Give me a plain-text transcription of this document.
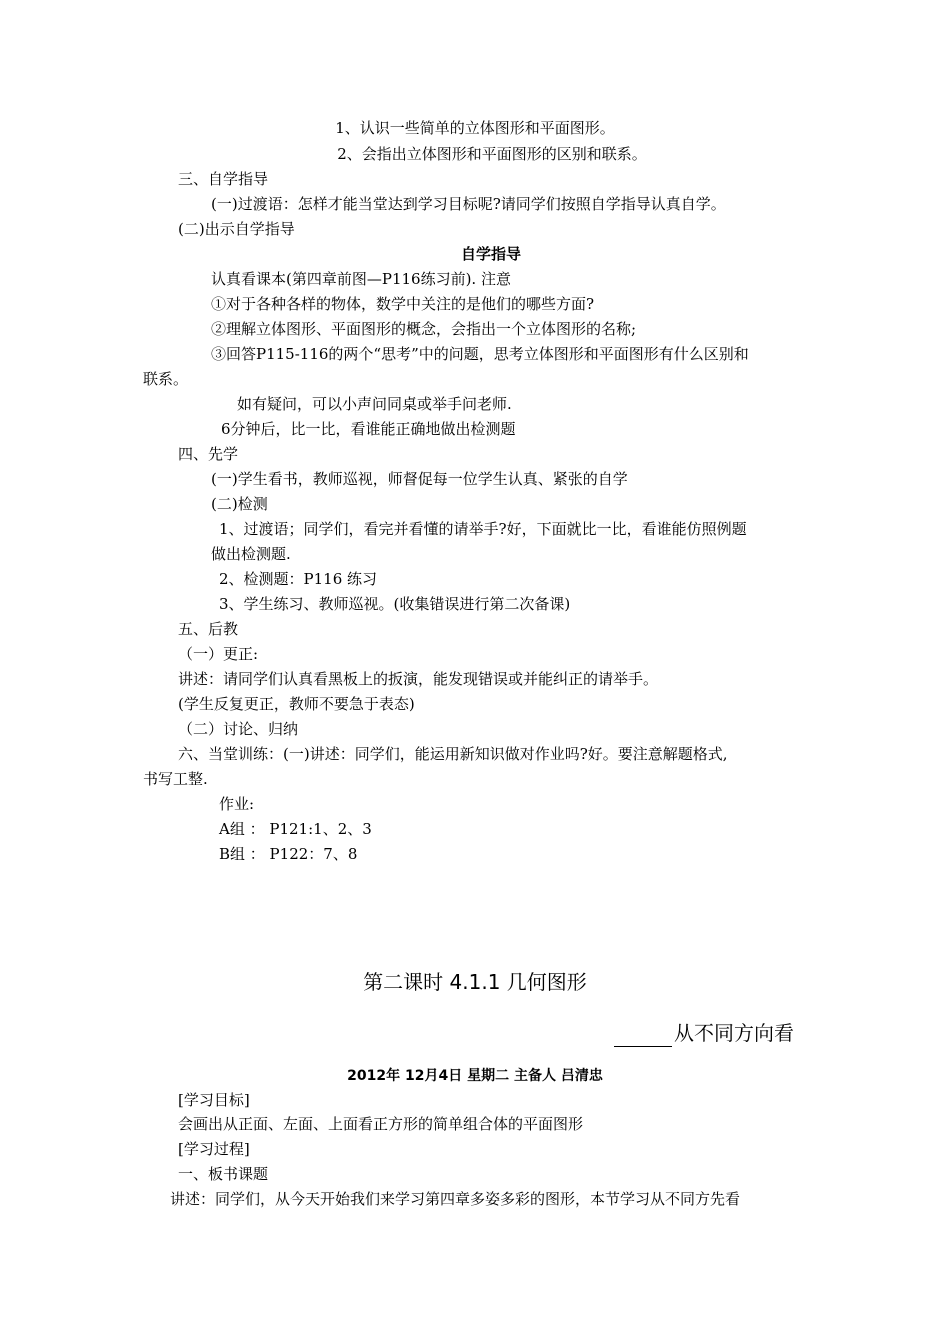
1、认识一些简单的立体图形和平面图形。
2、会指出立体图形和平面图形的区别和联系。
三、自学指导
(一)过渡语：怎样才能当堂达到学习目标呢?请同学们按照自学指导认真自学。
(二)出示自学指导
自学指导
认真看课本(第四章前图—P116练习前). 注意
①对于各种各样的物体，数学中关注的是他们的哪些方面?
②理解立体图形、平面图形的概念，会指出一个立体图形的名称;
③回答P115-116的两个“思考”中的问题，思考立体图形和平面图形有什么区别和
联系。
如有疑问，可以小声问同桌或举手问老师.
6分钟后，比一比，看谁能正确地做出检测题
四、先学
(一)学生看书，教师巡视，师督促每一位学生认真、紧张的自学
(二)检测
1、过渡语；同学们，看完并看懂的请举手?好，下面就比一比，看谁能仿照例题
做出检测题.
2、检测题：P116 练习
3、学生练习、教师巡视。(收集错误进行第二次备课)
五、后教
（一）更正:
讲述：请同学们认真看黑板上的扳演，能发现错误或并能纠正的请举手。
(学生反复更正，教师不要急于表态)
（二）讨论、归纳
六、当堂训练：(一)讲述：同学们，能运用新知识做对作业吗?好。要注意解题格式,
书写工整.
作业:
A组 ： P121:1、2、3
B组 ： P122：7、8
第二课时 4.1.1 几何图形
从不同方向看
2012年 12月4日 星期二 主备人 吕清忠
[学习目标]
会画出从正面、左面、上面看正方形的简单组合体的平面图形
[学习过程]
一、板书课题
讲述：同学们，从今天开始我们来学习第四章多姿多彩的图形，本节学习从不同方先看
